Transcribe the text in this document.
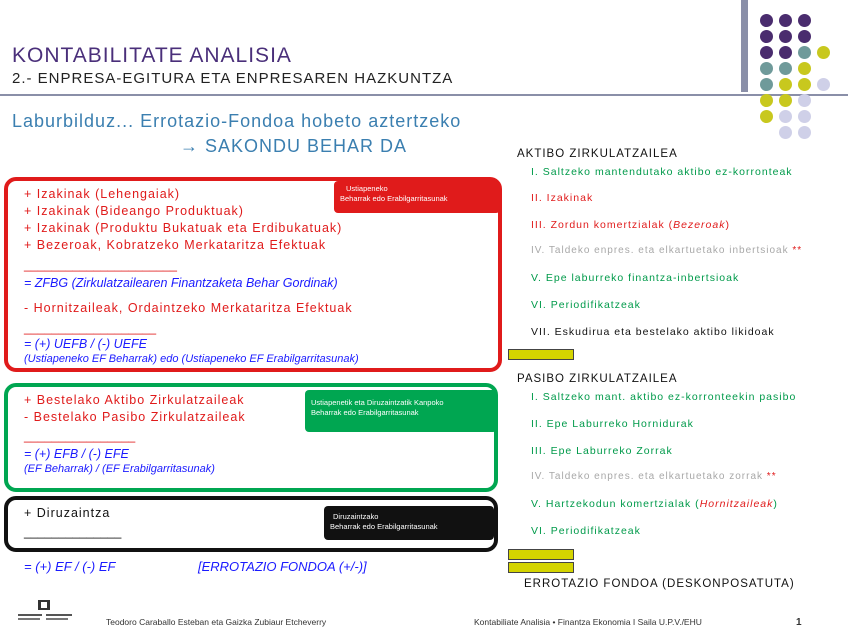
KONTABILITATE ANALISIA
2.- ENPRESA-EGITURA ETA ENPRESAREN HAZKUNTZA
Laburbilduz... Errotazio-Fondoa hobeto aztertzeko
→ SAKONDU BEHAR DA
Ustiapeneko
Beharrak edo Erabilgarritasunak
+ Izakinak (Lehengaiak)
+ Izakinak (Bideango Produktuak)
+ Izakinak (Produktu Bukatuak eta Erdibukatuak)
+ Bezeroak, Kobratzeko Merkataritza Efektuak
______________________
= ZFBG (Zirkulatzailearen Finantzaketa Behar Gordinak)
- Hornitzaileak, Ordaintzeko Merkataritza Efektuak
___________________
= (+) UEFB / (-) UEFE
(Ustiapeneko EF Beharrak) edo (Ustiapeneko EF Erabilgarritasunak)
Ustiapenetik eta Diruzaintzatik Kanpoko
Beharrak edo Erabilgarritasunak
+ Bestelako Aktibo Zirkulatzaileak
- Bestelako Pasibo Zirkulatzaileak
________________
= (+) EFB / (-) EFE
(EF Beharrak) / (EF Erabilgarritasunak)
Diruzaintzako
Beharrak edo Erabilgarritasunak
+ Diruzaintza
______________
= (+) EF / (-) EF	[ERROTAZIO FONDOA (+/-)]
AKTIBO ZIRKULATZAILEA
I. Saltzeko mantendutako aktibo ez-korronteak
II. Izakinak
III. Zordun komertzialak (Bezeroak)
IV. Taldeko enpres. eta elkartuetako inbertsioak **
V. Epe laburreko finantza-inbertsioak
VI. Periodifikatzeak
VII. Eskudirua eta bestelako aktibo likidoak
PASIBO ZIRKULATZAILEA
I. Saltzeko mant. aktibo ez-korronteekin pasibo
II. Epe Laburreko Hornidurak
III. Epe Laburreko Zorrak
IV. Taldeko enpres. eta elkartuetako zorrak **
V. Hartzekodun komertzialak (Hornitzaileak)
VI. Periodifikatzeak
ERROTAZIO FONDOA (DESKONPOSATUTA)
Teodoro Caraballo Esteban eta Gaizka Zubiaur Etcheverry	Kontabiliate Analisia • Finantza Ekonomia I Saila U.P.V./EHU	1
